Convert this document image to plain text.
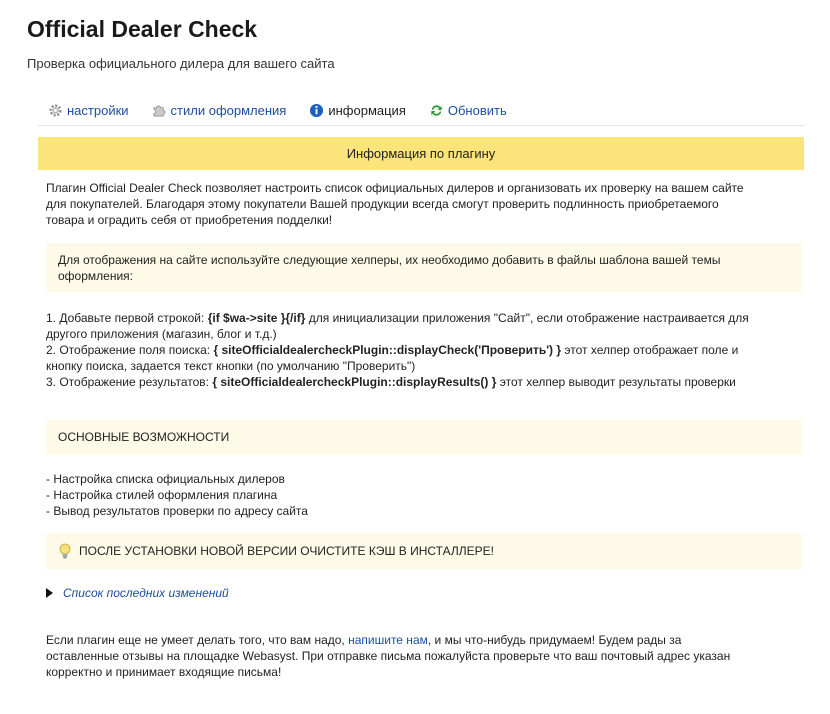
Official Dealer Check
Проверка официального дилера для вашего сайта
настройки	стили оформления	информация	Обновить
Информация по плагину
Плагин Official Dealer Check позволяет настроить список официальных дилеров и организовать их проверку на вашем сайте
для покупателей. Благодаря этому покупатели Вашей продукции всегда смогут проверить подлинность приобретаемого
товара и оградить себя от приобретения подделки!
Для отображения на сайте используйте следующие хелперы, их необходимо добавить в файлы шаблона вашей темы
оформления:
1. Добавьте первой строкой: {if $wa->site }{/if} для инициализации приложения "Сайт", если отображение настраивается для
другого приложения (магазин, блог и т.д.)
2. Отображение поля поиска: { siteOfficialdealercheckPlugin::displayCheck('Проверить') } этот хелпер отображает поле и
кнопку поиска, задается текст кнопки (по умолчанию "Проверить")
3. Отображение результатов: { siteOfficialdealercheckPlugin::displayResults() } этот хелпер выводит результаты проверки
ОСНОВНЫЕ ВОЗМОЖНОСТИ
- Настройка списка официальных дилеров
- Настройка стилей оформления плагина
- Вывод результатов проверки по адресу сайта
ПОСЛЕ УСТАНОВКИ НОВОЙ ВЕРСИИ ОЧИСТИТЕ КЭШ В ИНСТАЛЛЕРЕ!
Список последних изменений
Если плагин еще не умеет делать того, что вам надо, напишите нам, и мы что-нибудь придумаем! Будем рады за
оставленные отзывы на площадке Webasyst. При отправке письма пожалуйста проверьте что ваш почтовый адрес указан
корректно и принимает входящие письма!
